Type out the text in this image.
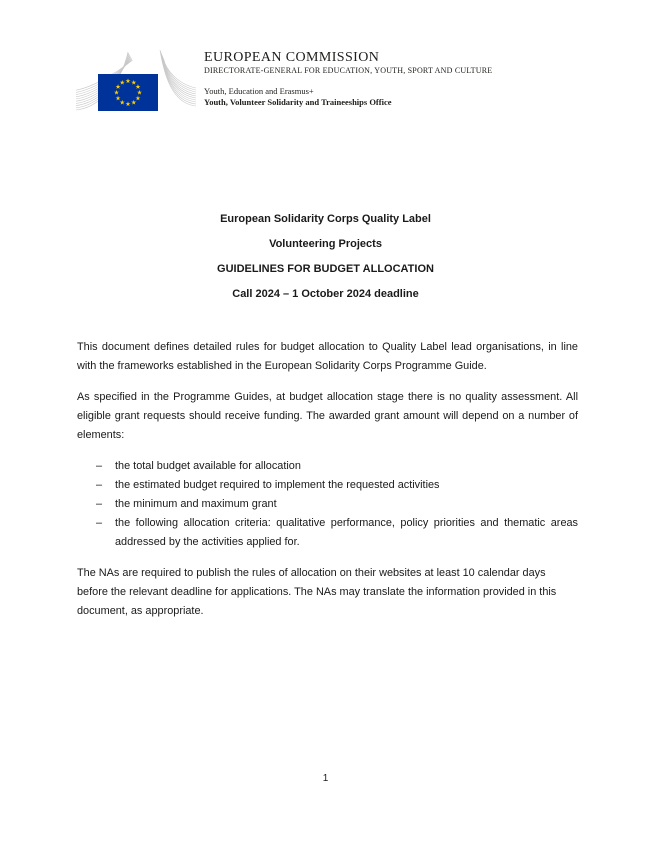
EUROPEAN COMMISSION
DIRECTORATE-GENERAL FOR EDUCATION, YOUTH, SPORT AND CULTURE
Youth, Education and Erasmus+
Youth, Volunteer Solidarity and Traineeships Office
European Solidarity Corps Quality Label
Volunteering Projects
GUIDELINES FOR BUDGET ALLOCATION
Call 2024 – 1 October 2024 deadline

This document defines detailed rules for budget allocation to Quality Label lead organisations, in line with the frameworks established in the European Solidarity Corps Programme Guide.

As specified in the Programme Guides, at budget allocation stage there is no quality assessment. All eligible grant requests should receive funding. The awarded grant amount will depend on a number of elements:

–	the total budget available for allocation
–	the estimated budget required to implement the requested activities
–	the minimum and maximum grant
–	the following allocation criteria: qualitative performance, policy priorities and thematic areas addressed by the activities applied for.

The NAs are required to publish the rules of allocation on their websites at least 10 calendar days before the relevant deadline for applications. The NAs may translate the information provided in this document, as appropriate.

1
